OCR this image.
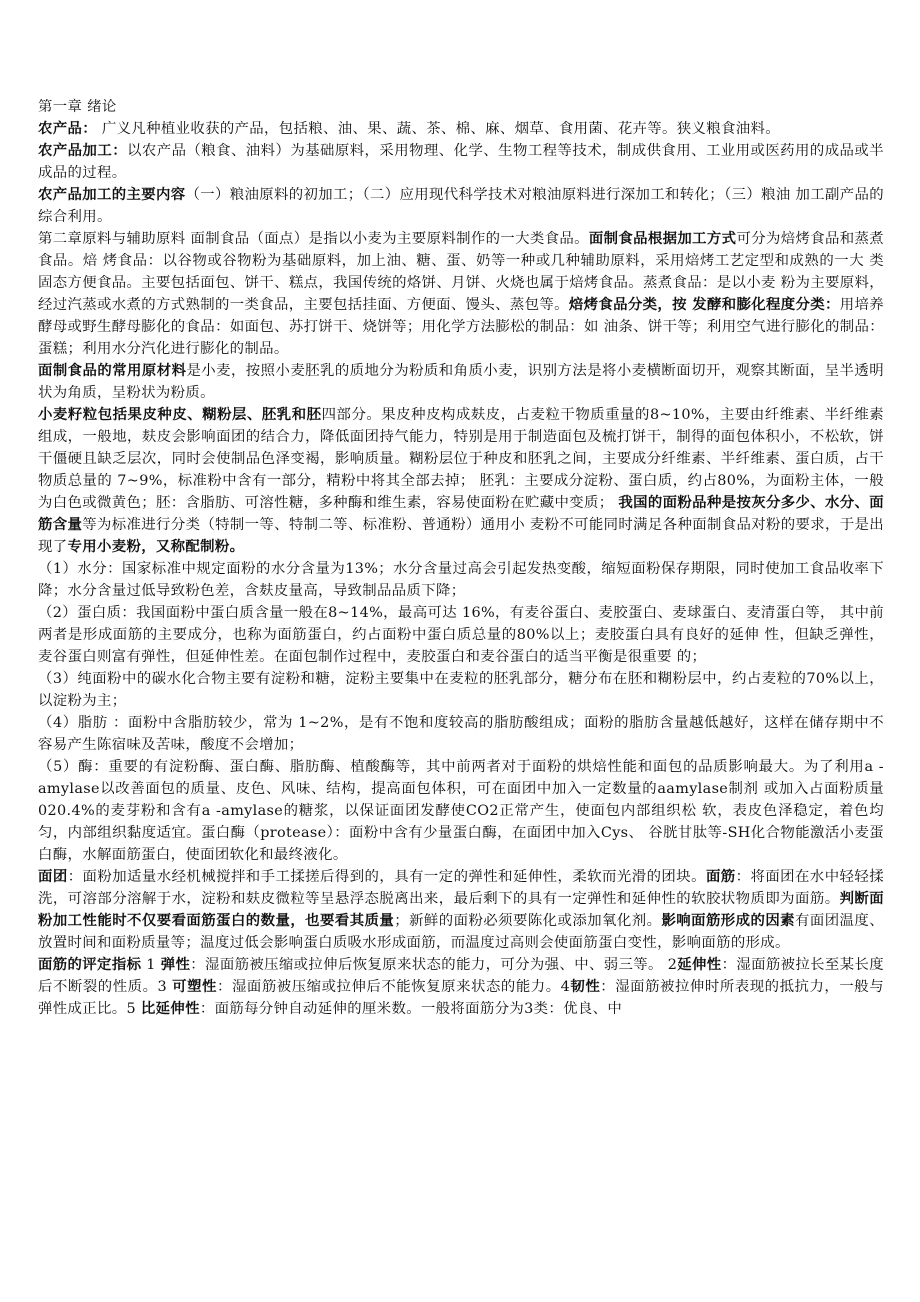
第一章 绪论
农产品： 广义凡种植业收获的产品，包括粮、油、果、蔬、茶、棉、麻、烟草、食用菌、花卉等。狭义粮食油料。
农产品加工：以农产品（粮食、油料）为基础原料，采用物理、化学、生物工程等技术，制成供食用、工业用或医药用的成品或半成品的过程。
农产品加工的主要内容（一）粮油原料的初加工；（二）应用现代科学技术对粮油原料进行深加工和转化；（三）粮油 加工副产品的综合利用。
第二章原料与辅助原料 面制食品（面点）是指以小麦为主要原料制作的一大类食品。面制食品根据加工方式可分为焙烤食品和蒸煮食品。焙 烤食品：以谷物或谷物粉为基础原料，加上油、糖、蛋、奶等一种或几种辅助原料，采用焙烤工艺定型和成熟的一大 类固态方便食品。主要包括面包、饼干、糕点，我国传统的烙饼、月饼、火烧也属于焙烤食品。蒸煮食品：是以小麦 粉为主要原料，经过汽蒸或水煮的方式熟制的一类食品，主要包括挂面、方便面、馒头、蒸包等。焙烤食品分类，按 发酵和膨化程度分类：用培养酵母或野生酵母膨化的食品：如面包、苏打饼干、烧饼等；用化学方法膨松的制品：如 油条、饼干等；利用空气进行膨化的制品：蛋糕；利用水分汽化进行膨化的制品。
面制食品的常用原材料是小麦，按照小麦胚乳的质地分为粉质和角质小麦，识别方法是将小麦横断面切开，观察其断面，呈半透明状为角质，呈粉状为粉质。
小麦籽粒包括果皮种皮、糊粉层、胚乳和胚四部分。果皮种皮构成麸皮，占麦粒干物质重量的8~10%，主要由纤维素、半纤维素组成，一般地，麸皮会影响面团的结合力，降低面团持气能力，特别是用于制造面包及梳打饼干，制得的面包体积小，不松软，饼干僵硬且缺乏层次，同时会使制品色泽变褐，影响质量。糊粉层位于种皮和胚乳之间，主要成分纤维素、半纤维素、蛋白质，占干物质总量的 7~9%，标准粉中含有一部分，精粉中将其全部去掉； 胚乳：主要成分淀粉、蛋白质，约占80%，为面粉主体，一般为白色或微黄色；胚：含脂肪、可溶性糖，多种酶和维生素，容易使面粉在贮藏中变质； 我国的面粉品种是按灰分多少、水分、面筋含量等为标准进行分类（特制一等、特制二等、标准粉、普通粉）通用小 麦粉不可能同时满足各种面制食品对粉的要求，于是出现了专用小麦粉，又称配制粉。
（1）水分：国家标准中规定面粉的水分含量为13%；水分含量过高会引起发热变酸，缩短面粉保存期限，同时使加工食品收率下降；水分含量过低导致粉色差，含麸皮量高，导致制品品质下降；
（2）蛋白质：我国面粉中蛋白质含量一般在8~14%，最高可达 16%，有麦谷蛋白、麦胶蛋白、麦球蛋白、麦清蛋白等， 其中前两者是形成面筋的主要成分，也称为面筋蛋白，约占面粉中蛋白质总量的80%以上；麦胶蛋白具有良好的延伸 性，但缺乏弹性，麦谷蛋白则富有弹性，但延伸性差。在面包制作过程中，麦胶蛋白和麦谷蛋白的适当平衡是很重要 的；
（3）纯面粉中的碳水化合物主要有淀粉和糖，淀粉主要集中在麦粒的胚乳部分，糖分布在胚和糊粉层中，约占麦粒的70%以上，以淀粉为主；
（4）脂肪 ：面粉中含脂肪较少，常为 1~2%，是有不饱和度较高的脂肪酸组成；面粉的脂肪含量越低越好，这样在储存期中不容易产生陈宿味及苦味，酸度不会增加；
（5）酶：重要的有淀粉酶、蛋白酶、脂肪酶、植酸酶等，其中前两者对于面粉的烘焙性能和面包的品质影响最大。为了利用a -amylase以改善面包的质量、皮色、风味、结构，提高面包体积，可在面团中加入一定数量的aamylase制剂 或加入占面粉质量020.4%的麦芽粉和含有a -amylase的糖浆，以保证面团发酵使CO2正常产生，使面包内部组织松 软，表皮色泽稳定，着色均匀，内部组织黏度适宜。蛋白酶（protease）：面粉中含有少量蛋白酶，在面团中加入Cys、 谷胱甘肽等-SH化合物能激活小麦蛋白酶，水解面筋蛋白，使面团软化和最终液化。
面团：面粉加适量水经机械搅拌和手工揉搓后得到的，具有一定的弹性和延伸性，柔软而光滑的团块。面筋：将面团在水中轻轻揉洗，可溶部分溶解于水，淀粉和麸皮微粒等呈悬浮态脱离出来，最后剩下的具有一定弹性和延伸性的软胶状物质即为面筋。判断面粉加工性能时不仅要看面筋蛋白的数量，也要看其质量；新鲜的面粉必须要陈化或添加氧化剂。影响面筋形成的因素有面团温度、放置时间和面粉质量等；温度过低会影响蛋白质吸水形成面筋，而温度过高则会使面筋蛋白变性，影响面筋的形成。
面筋的评定指标 1 弹性：湿面筋被压缩或拉伸后恢复原来状态的能力，可分为强、中、弱三等。 2延伸性：湿面筋被拉长至某长度后不断裂的性质。3 可塑性：湿面筋被压缩或拉伸后不能恢复原来状态的能力。4韧性：湿面筋被拉伸时所表现的抵抗力，一般与弹性成正比。5 比延伸性：面筋每分钟自动延伸的厘米数。一般将面筋分为3类：优良、中
